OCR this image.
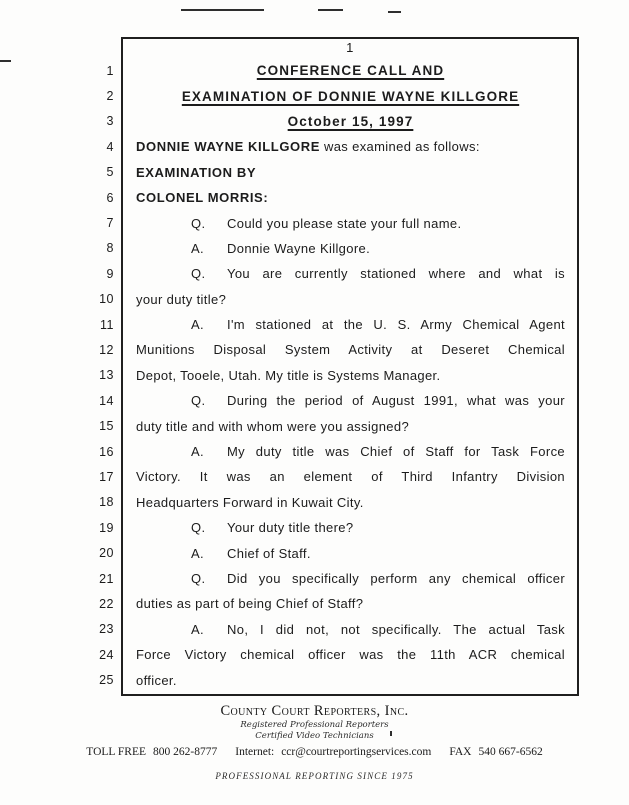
1
1	CONFERENCE CALL AND
2	EXAMINATION OF DONNIE WAYNE KILLGORE
3	October 15, 1997
4 DONNIE WAYNE KILLGORE was examined as follows:
5 EXAMINATION BY
6 COLONEL MORRIS:
7	Q. Could you please state your full name.
8	A. Donnie Wayne Killgore.
9	Q. You are currently stationed where and what is
10 your duty title?
11	A. I'm stationed at the U. S. Army Chemical Agent
12 Munitions Disposal System Activity at Deseret Chemical
13 Depot, Tooele, Utah. My title is Systems Manager.
14	Q. During the period of August 1991, what was your
15 duty title and with whom were you assigned?
16	A. My duty title was Chief of Staff for Task Force
17 Victory. It was an element of Third Infantry Division
18 Headquarters Forward in Kuwait City.
19	Q. Your duty title there?
20	A. Chief of Staff.
21	Q. Did you specifically perform any chemical officer
22 duties as part of being Chief of Staff?
23	A. No, I did not, not specifically. The actual Task
24 Force Victory chemical officer was the 11th ACR chemical
25 officer.
County Court Reporters, Inc.
Registered Professional Reporters
Certified Video Technicians
TOLL FREE 800 262-8777 Internet: ccr@courtreportingservices.com FAX 540 667-6562
PROFESSIONAL REPORTING SINCE 1975
